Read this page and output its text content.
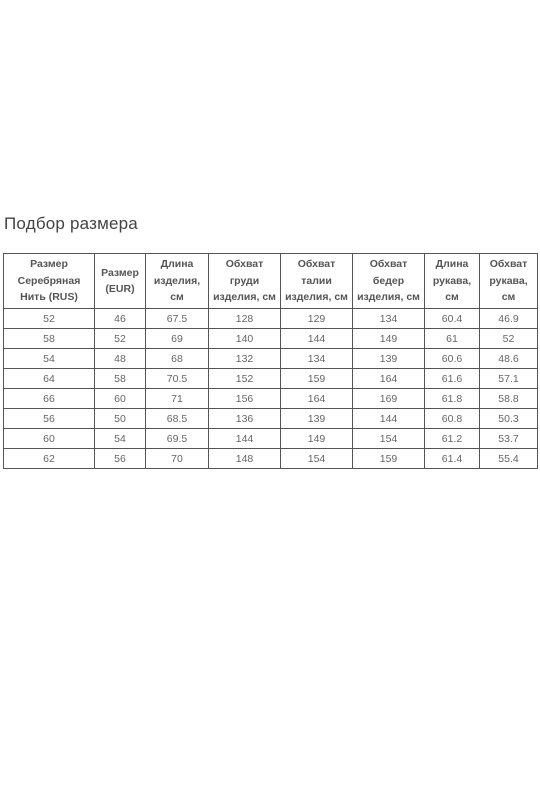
Подбор размера
Размер
Серебряная
Нить (RUS)	Размер
(EUR)	Длина
изделия,
см	Обхват
груди
изделия, см	Обхват
талии
изделия, см	Обхват
бедер
изделия, см	Длина
рукава,
см	Обхват
рукава,
см
52	46	67.5	128	129	134	60.4	46.9
58	52	69	140	144	149	61	52
54	48	68	132	134	139	60.6	48.6
64	58	70.5	152	159	164	61.6	57.1
66	60	71	156	164	169	61.8	58.8
56	50	68.5	136	139	144	60.8	50.3
60	54	69.5	144	149	154	61.2	53.7
62	56	70	148	154	159	61.4	55.4
